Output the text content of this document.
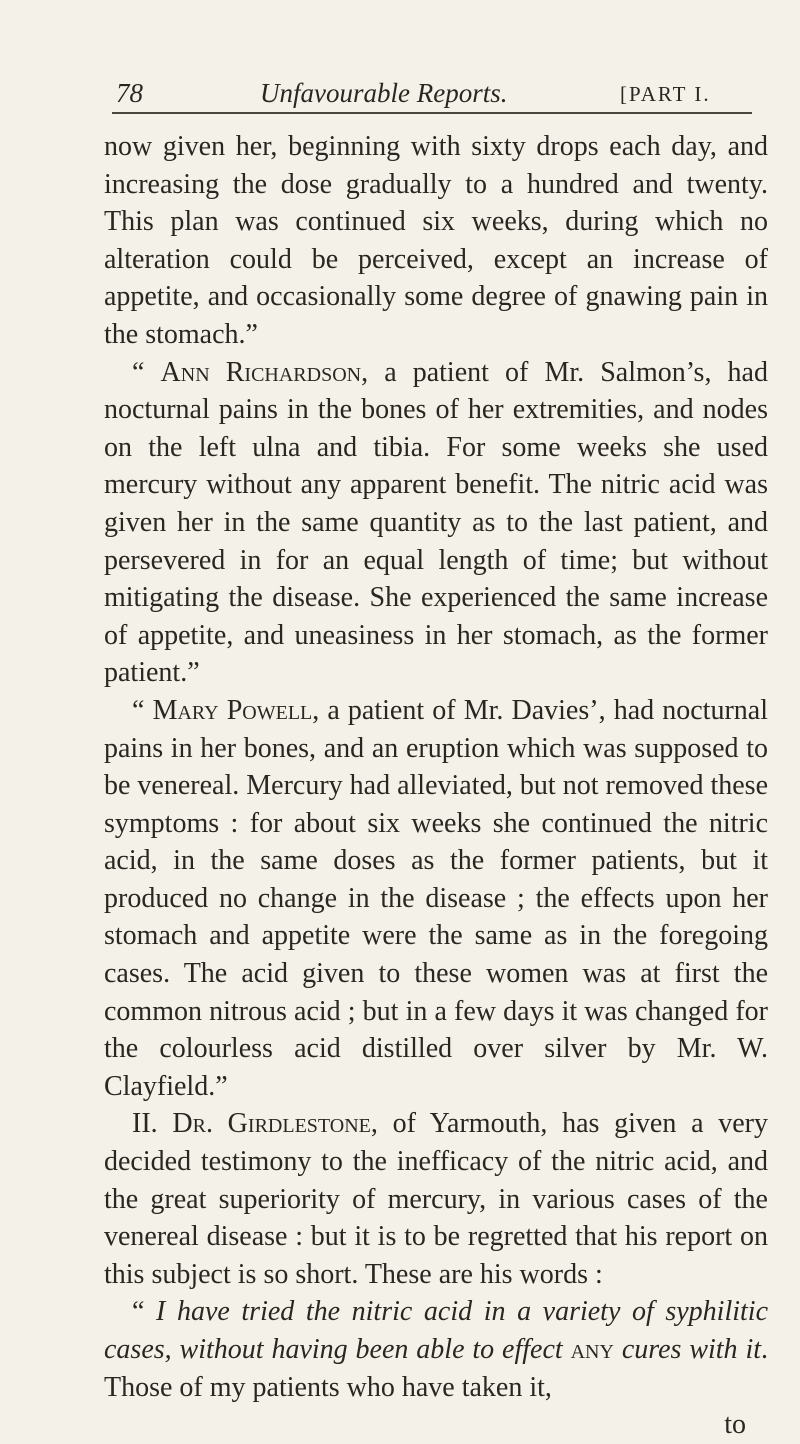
78	Unfavourable Reports.	[PART I.

now given her, beginning with sixty drops each day, and increasing the dose gradually to a hundred and twenty. This plan was continued six weeks, during which no alteration could be perceived, except an increase of appetite, and occasionally some degree of gnawing pain in the stomach.”

“ Ann Richardson, a patient of Mr. Salmon’s, had nocturnal pains in the bones of her extremities, and nodes on the left ulna and tibia. For some weeks she used mercury without any apparent benefit. The nitric acid was given her in the same quantity as to the last patient, and persevered in for an equal length of time; but without mitigating the disease. She experienced the same increase of appetite, and uneasiness in her stomach, as the former patient.”

“ Mary Powell, a patient of Mr. Davies’, had nocturnal pains in her bones, and an eruption which was supposed to be venereal. Mercury had alleviated, but not removed these symptoms : for about six weeks she continued the nitric acid, in the same doses as the former patients, but it produced no change in the disease ; the effects upon her stomach and appetite were the same as in the foregoing cases. The acid given to these women was at first the common nitrous acid ; but in a few days it was changed for the colourless acid distilled over silver by Mr. W. Clayfield.”

II. Dr. Girdlestone, of Yarmouth, has given a very decided testimony to the inefficacy of the nitric acid, and the great superiority of mercury, in various cases of the venereal disease : but it is to be regretted that his report on this subject is so short. These are his words :

“ I have tried the nitric acid in a variety of syphilitic cases, without having been able to effect any cures with it. Those of my patients who have taken it,

to
